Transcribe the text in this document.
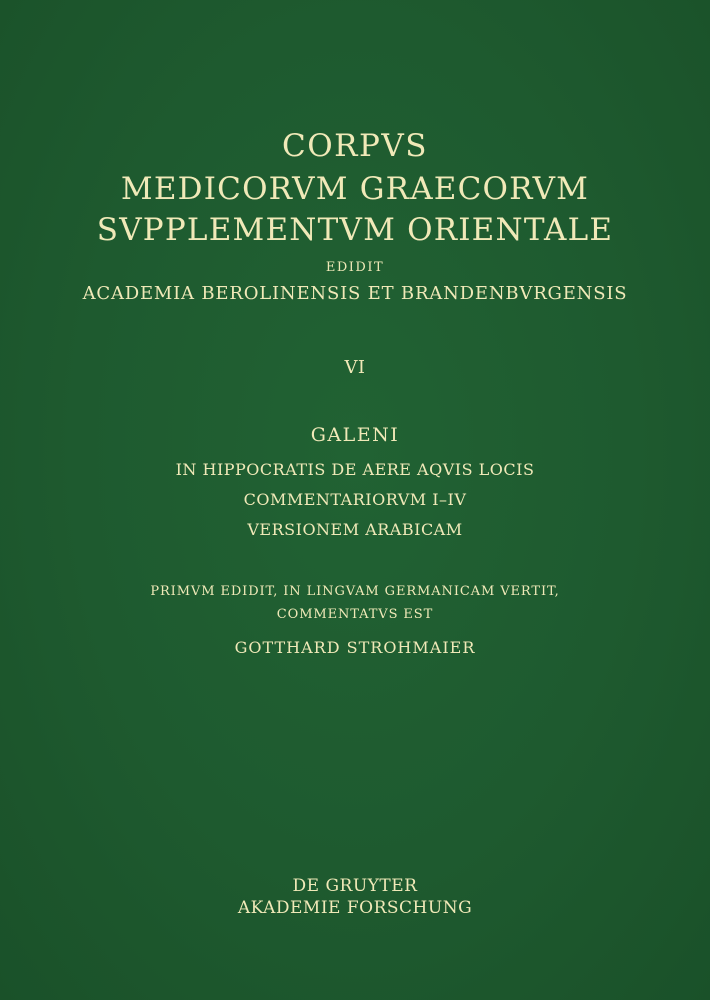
CORPVS
MEDICORVM GRAECORVM
SVPPLEMENTVM ORIENTALE
EDIDIT
ACADEMIA BEROLINENSIS ET BRANDENBVRGENSIS
VI
GALENI
IN HIPPOCRATIS DE AERE AQVIS LOCIS
COMMENTARIORVM I–IV
VERSIONEM ARABICAM
PRIMVM EDIDIT, IN LINGVAM GERMANICAM VERTIT,
COMMENTATVS EST
GOTTHARD STROHMAIER
DE GRUYTER
AKADEMIE FORSCHUNG
